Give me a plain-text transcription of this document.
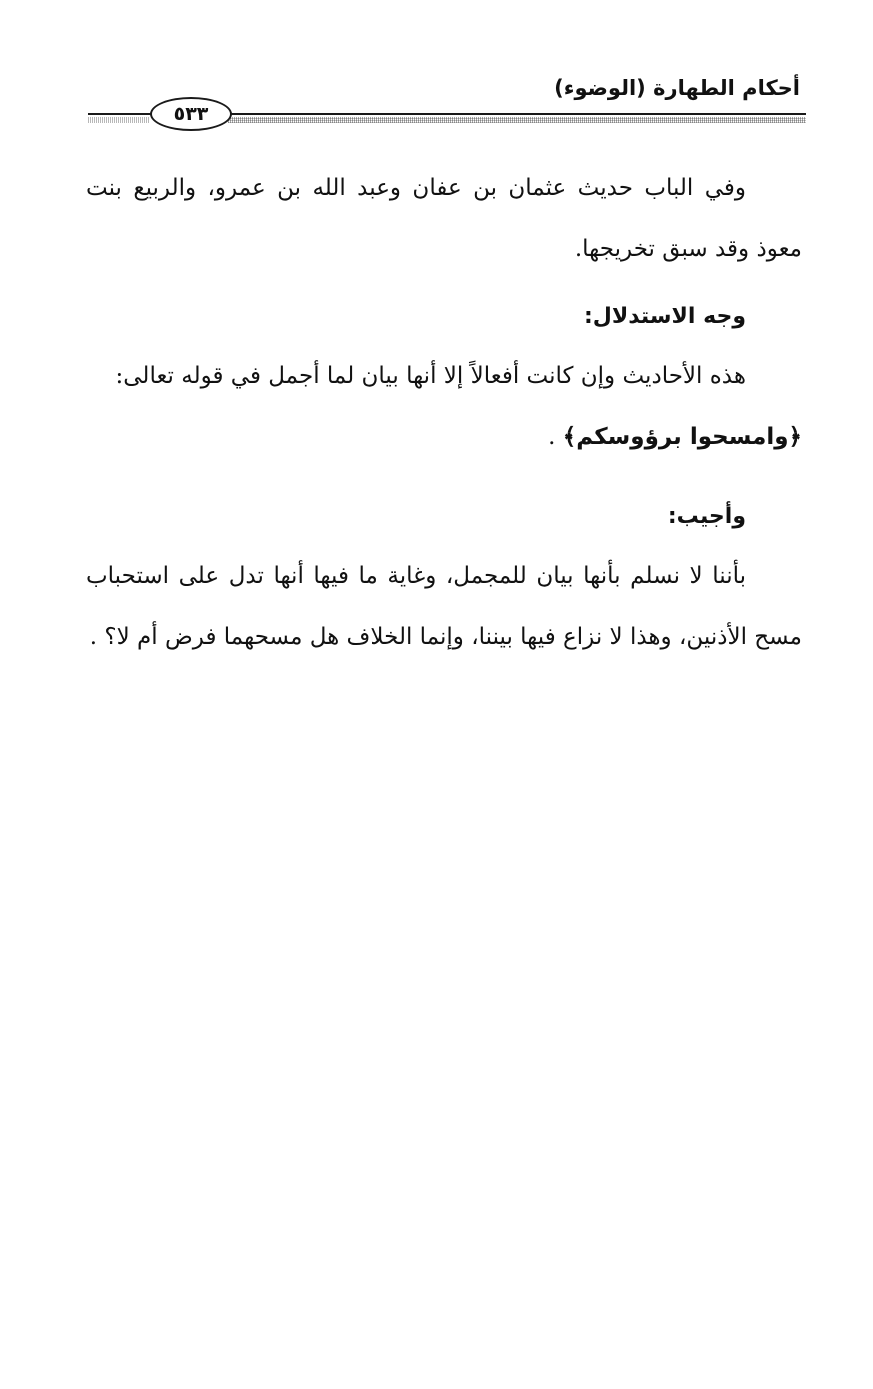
أحكام الطهارة (الوضوء)
٥٣٣

وفي الباب حديث عثمان بن عفان وعبد الله بن عمرو، والربيع بنت معوذ وقد سبق تخريجها.

وجه الاستدلال:

هذه الأحاديث وإن كانت أفعالاً إلا أنها بيان لما أجمل في قوله تعالى:
﴿وامسحوا برؤوسكم﴾ .

وأجيب:

بأننا لا نسلم بأنها بيان للمجمل، وغاية ما فيها أنها تدل على استحباب مسح الأذنين، وهذا لا نزاع فيها بيننا، وإنما الخلاف هل مسحهما فرض أم لا؟ .
